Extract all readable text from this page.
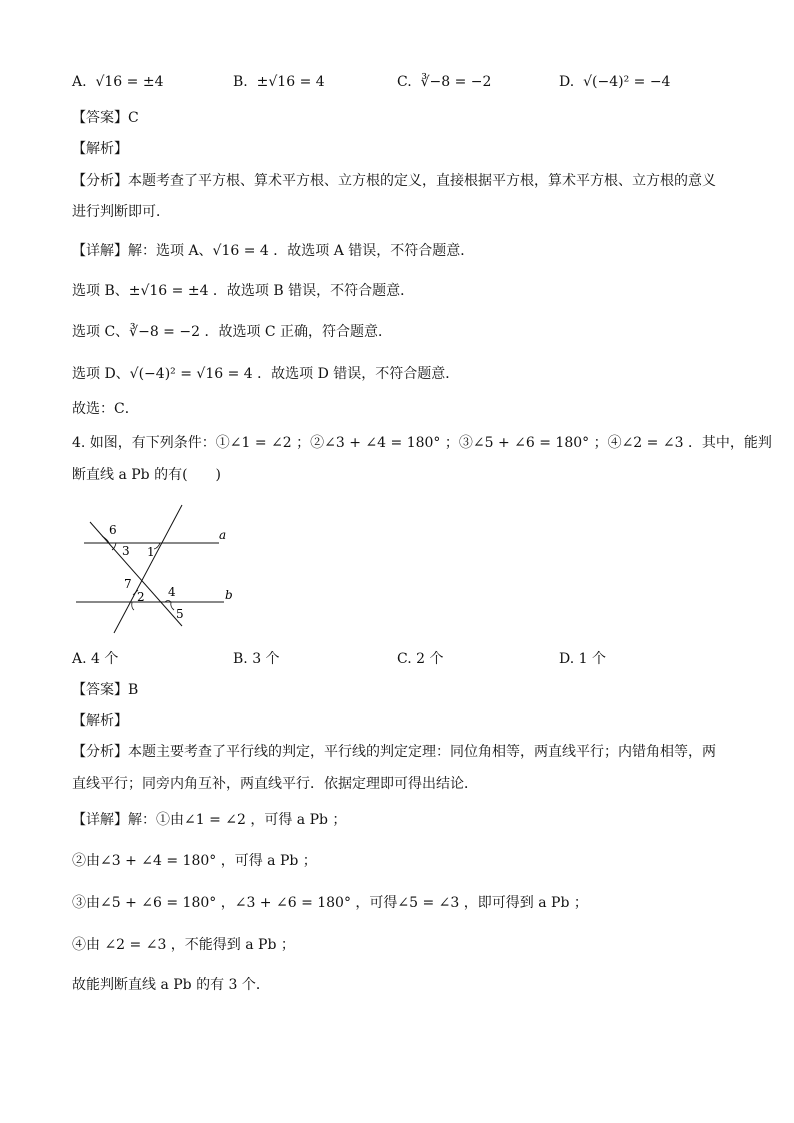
A. √16 = ±4	B. ±√16 = 4	C. ∛−8 = −2	D. √(−4)² = −4
【答案】C
【解析】
【分析】本题考查了平方根、算术平方根、立方根的定义，直接根据平方根，算术平方根、立方根的意义
进行判断即可．
【详解】解：选项 A、√16 = 4 ．故选项 A 错误，不符合题意．
选项 B、±√16 = ±4 ．故选项 B 错误，不符合题意．
选项 C、∛−8 = −2 ．故选项 C 正确，符合题意．
选项 D、√(−4)² = √16 = 4 ．故选项 D 错误，不符合题意．
故选：C．
4. 如图，有下列条件：①∠1 = ∠2 ；②∠3 + ∠4 = 180° ；③∠5 + ∠6 = 180° ；④∠2 = ∠3 ．其中，能判
断直线 a Pb 的有(　　)
6
3 1
7
4
2
5
a
b
A. 4 个	B. 3 个	C. 2 个	D. 1 个
【答案】B
【解析】
【分析】本题主要考查了平行线的判定，平行线的判定定理：同位角相等，两直线平行；内错角相等，两
直线平行；同旁内角互补，两直线平行．依据定理即可得出结论．
【详解】解：①由∠1 = ∠2 ，可得 a Pb ；
②由∠3 + ∠4 = 180° ，可得 a Pb ；
③由∠5 + ∠6 = 180° ，∠3 + ∠6 = 180° ，可得∠5 = ∠3 ，即可得到 a Pb ；
④由 ∠2 = ∠3 ，不能得到 a Pb ；
故能判断直线 a Pb 的有 3 个．
